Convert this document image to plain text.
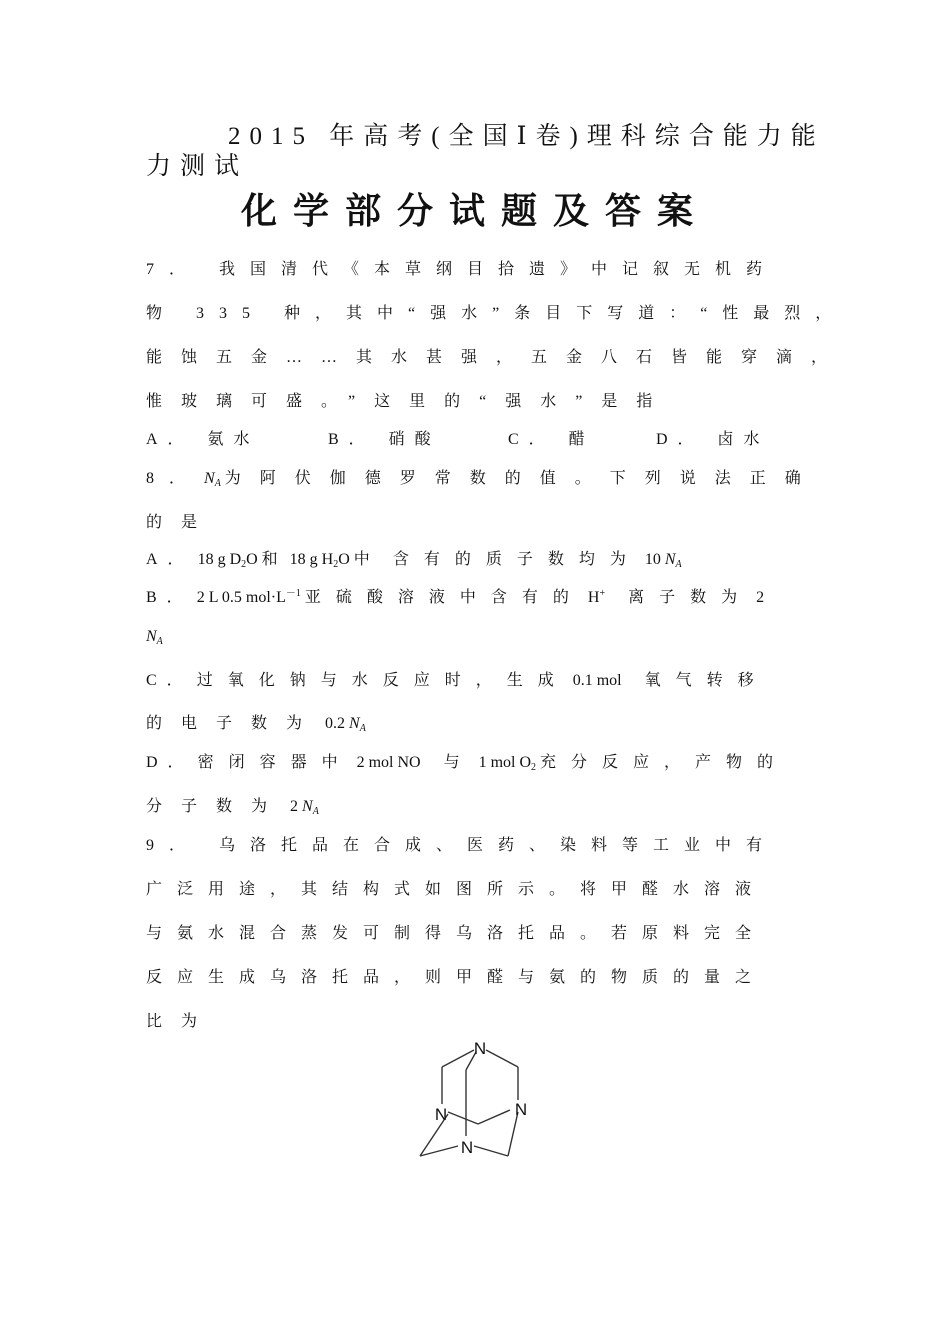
2015 年高考(全国Ⅰ卷)理科综合能力能
力测试
化学部分试题及答案
7． 我国清代《本草纲目拾遗》中记叙无机药
物 335 种，其中“强水”条目下写道：“性最烈，
能蚀五金……其水甚强，五金八石皆能穿滴，
惟玻璃可盛。”这里的“强水”是指
A． 氨水	B． 硝酸	C． 醋	D． 卤水
8． $N_A$ 为阿伏伽德罗常数的值。下列说法正确
的是
A． 18 g $D_2O$ 和   18 g $H_2O$ 中  含有的质子数均为 10 $N_A$
B． 2 L 0.5 $mol\cdot L^{-1}$ 亚硫酸溶液中含有的 H+  离子数为 2
$N_A$
C． 过氧化钠与水反应时，生成 0.1 mol  氧气转移
的电子数为 0.2 $N_A$
D． 密闭容器中 2 mol NO  与 1 mol $O_2$ 充分反应，产物的
分子数为 2 $N_A$
9． 乌洛托品在合成、医药、染料等工业中有
广泛用途，其结构式如图所示。将甲醛水溶液
与氨水混合蒸发可制得乌洛托品。若原料完全
反应生成乌洛托品，则甲醛与氨的物质的量之
比为
N
N	N
N
